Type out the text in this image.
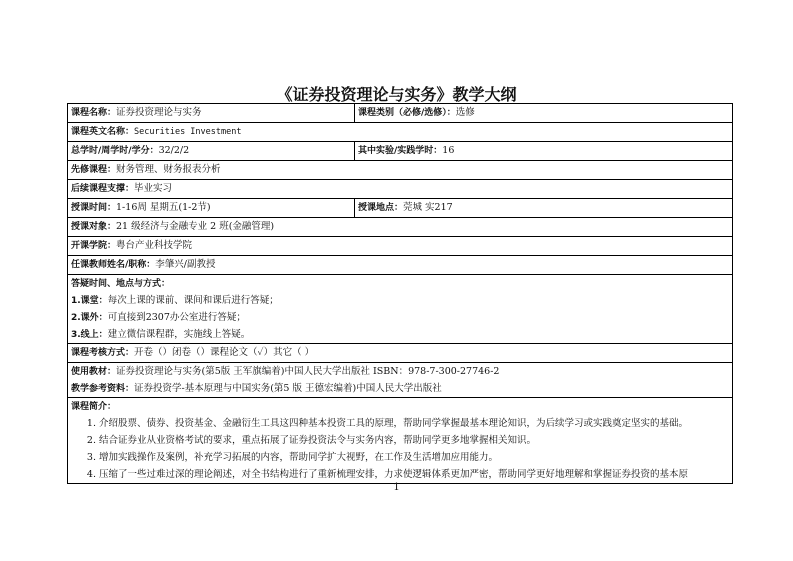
《证券投资理论与实务》教学大纲
课程名称：证券投资理论与实务	课程类别（必修/选修）：选修
课程英文名称：Securities Investment
总学时/周学时/学分：32/2/2	其中实验/实践学时：16
先修课程：财务管理、财务报表分析
后续课程支撑：毕业实习
授课时间：1-16周 星期五(1-2节)	授课地点：莞城 实217
授课对象：21 级经济与金融专业 2 班(金融管理)
开课学院：粤台产业科技学院
任课教师姓名/职称：李肇兴/副教授
答疑时间、地点与方式：
1.课堂：每次上课的课前、课间和课后进行答疑；
2.课外：可直接到2307办公室进行答疑；
3.线上：建立微信课程群，实施线上答疑。
课程考核方式：开卷（）闭卷（）课程论文（✓）其它（ ）
使用教材：证券投资理论与实务(第5版 王军旗编着)中国人民大学出版社 ISBN：978-7-300-27746-2
教学参考资料：证券投资学-基本原理与中国实务(第5 版 王德宏编着)中国人民大学出版社
课程简介：
1. 介绍股票、债券、投资基金、金融衍生工具这四种基本投资工具的原理，帮助同学掌握最基本理论知识，为后续学习或实践奠定坚实的基础。
2. 结合证券业从业资格考试的要求，重点拓展了证券投资法令与实务内容，帮助同学更多地掌握相关知识。
3. 增加实践操作及案例，补充学习拓展的内容，帮助同学扩大视野，在工作及生活增加应用能力。
4. 压缩了一些过难过深的理论阐述，对全书结构进行了重新梳理安排，力求使逻辑体系更加严密，帮助同学更好地理解和掌握证券投资的基本原
1
